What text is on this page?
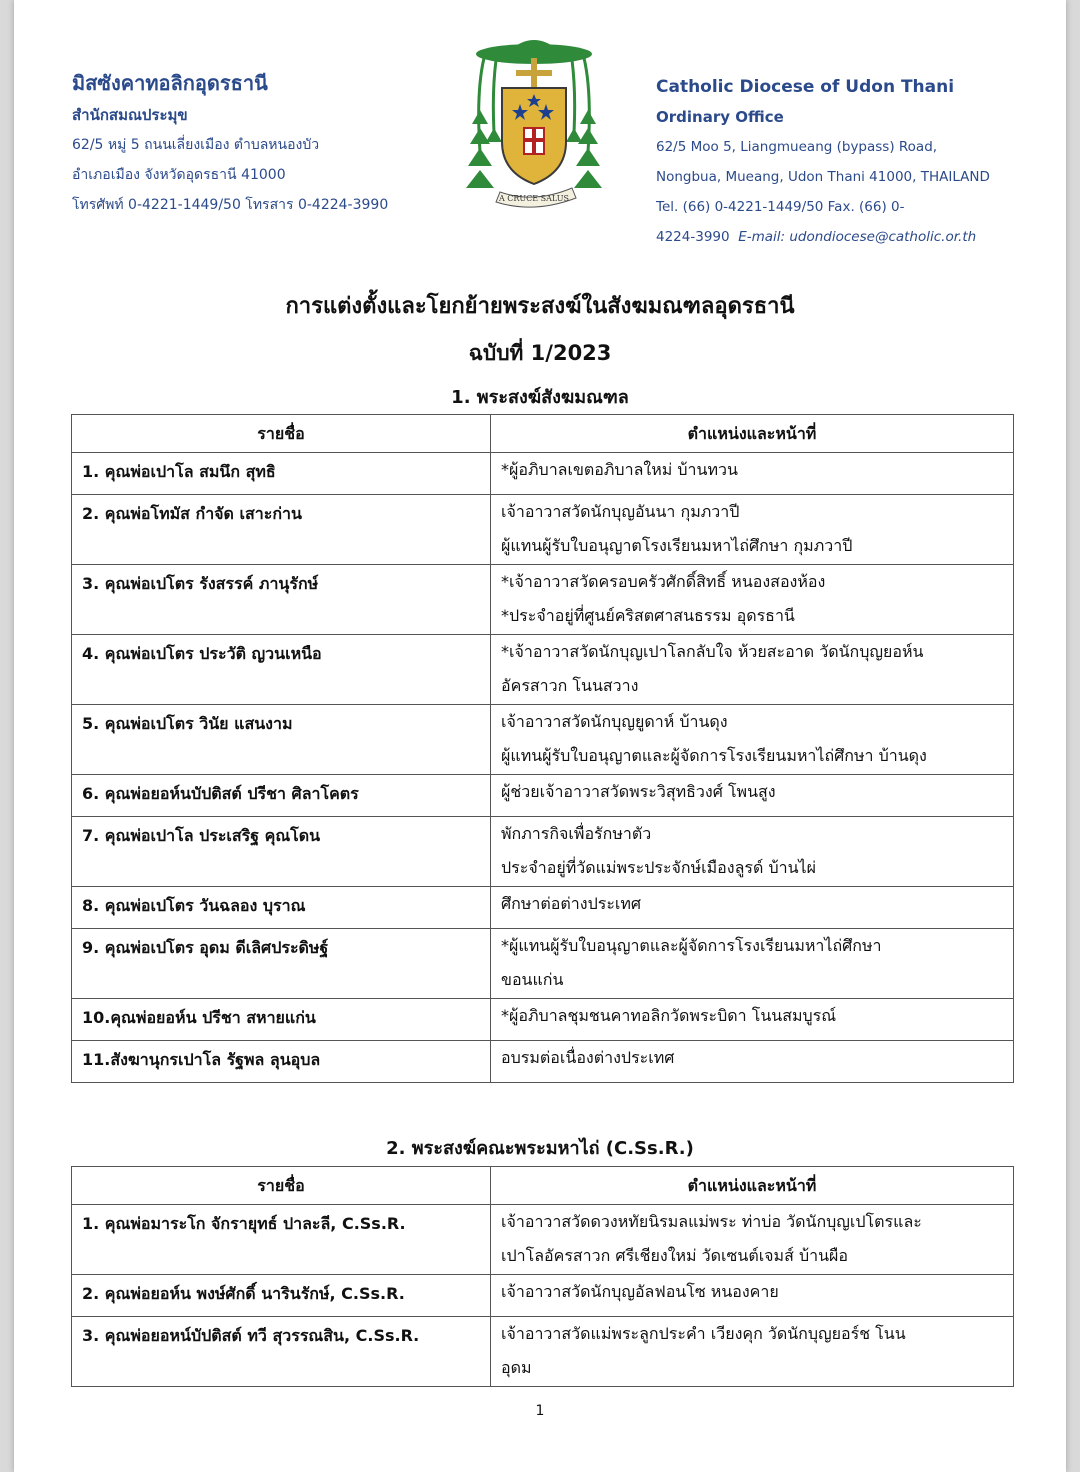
มิสซังคาทอลิกอุดรธานี
สำนักสมณประมุข
62/5 หมู่ 5 ถนนเลี่ยงเมือง ตำบลหนองบัว
อำเภอเมือง จังหวัดอุดรธานี 41000
โทรศัพท์ 0-4221-1449/50 โทรสาร 0-4224-3990	A CRUCE SALUS
Catholic Diocese of Udon Thani
Ordinary Office
62/5 Moo 5, Liangmueang (bypass) Road,
Nongbua, Mueang, Udon Thani 41000, THAILAND
Tel. (66) 0-4221-1449/50 Fax. (66) 0-
4224-3990 E-mail: udondiocese@catholic.or.th
การแต่งตั้งและโยกย้ายพระสงฆ์ในสังฆมณฑลอุดรธานี
ฉบับที่ 1/2023
1. พระสงฆ์สังฆมณฑล
รายชื่อ	ตำแหน่งและหน้าที่
1. คุณพ่อเปาโล สมนึก สุทธิ	*ผู้อภิบาลเขตอภิบาลใหม่ บ้านทวน

2. คุณพ่อโทมัส กำจัด เสาะก่าน	เจ้าอาวาสวัดนักบุญอันนา กุมภวาปี
ผู้แทนผู้รับใบอนุญาตโรงเรียนมหาไถ่ศึกษา กุมภวาปี

3. คุณพ่อเปโตร รังสรรค์ ภานุรักษ์	*เจ้าอาวาสวัดครอบครัวศักดิ์สิทธิ์ หนองสองห้อง
*ประจำอยู่ที่ศูนย์คริสตศาสนธรรม อุดรธานี

4. คุณพ่อเปโตร ประวัติ ญวนเหนือ	*เจ้าอาวาสวัดนักบุญเปาโลกลับใจ ห้วยสะอาด วัดนักบุญยอห์น
อัครสาวก โนนสวาง

5. คุณพ่อเปโตร วินัย แสนงาม	เจ้าอาวาสวัดนักบุญยูดาห์ บ้านดุง
ผู้แทนผู้รับใบอนุญาตและผู้จัดการโรงเรียนมหาไถ่ศึกษา บ้านดุง

6. คุณพ่อยอห์นบัปติสต์ ปรีชา ศิลาโคตร	ผู้ช่วยเจ้าอาวาสวัดพระวิสุทธิวงศ์ โพนสูง

7. คุณพ่อเปาโล ประเสริฐ คุณโดน	พักภารกิจเพื่อรักษาตัว
ประจำอยู่ที่วัดแม่พระประจักษ์เมืองลูรด์ บ้านไผ่

8. คุณพ่อเปโตร วันฉลอง บุราณ	ศึกษาต่อต่างประเทศ

9. คุณพ่อเปโตร อุดม ดีเลิศประดิษฐ์	*ผู้แทนผู้รับใบอนุญาตและผู้จัดการโรงเรียนมหาไถ่ศึกษา
ขอนแก่น

10.คุณพ่อยอห์น ปรีชา สหายแก่น	*ผู้อภิบาลชุมชนคาทอลิกวัดพระบิดา โนนสมบูรณ์

11.สังฆานุกรเปาโล รัฐพล ลุนอุบล	อบรมต่อเนื่องต่างประเทศ
2. พระสงฆ์คณะพระมหาไถ่ (C.Ss.R.)
รายชื่อ	ตำแหน่งและหน้าที่
1. คุณพ่อมาระโก จักรายุทธ์ ปาละลี, C.Ss.R.	เจ้าอาวาสวัดดวงหทัยนิรมลแม่พระ ท่าบ่อ วัดนักบุญเปโตรและ
เปาโลอัครสาวก ศรีเชียงใหม่ วัดเซนต์เจมส์ บ้านผือ

2. คุณพ่อยอห์น พงษ์ศักดิ์ นารินรักษ์, C.Ss.R.	เจ้าอาวาสวัดนักบุญอัลฟอนโซ หนองคาย

3. คุณพ่อยอหน์บัปติสต์ ทวี สุวรรณสิน, C.Ss.R.	เจ้าอาวาสวัดแม่พระลูกประคำ เวียงคุก วัดนักบุญยอร์ช โนน
อุดม
1
